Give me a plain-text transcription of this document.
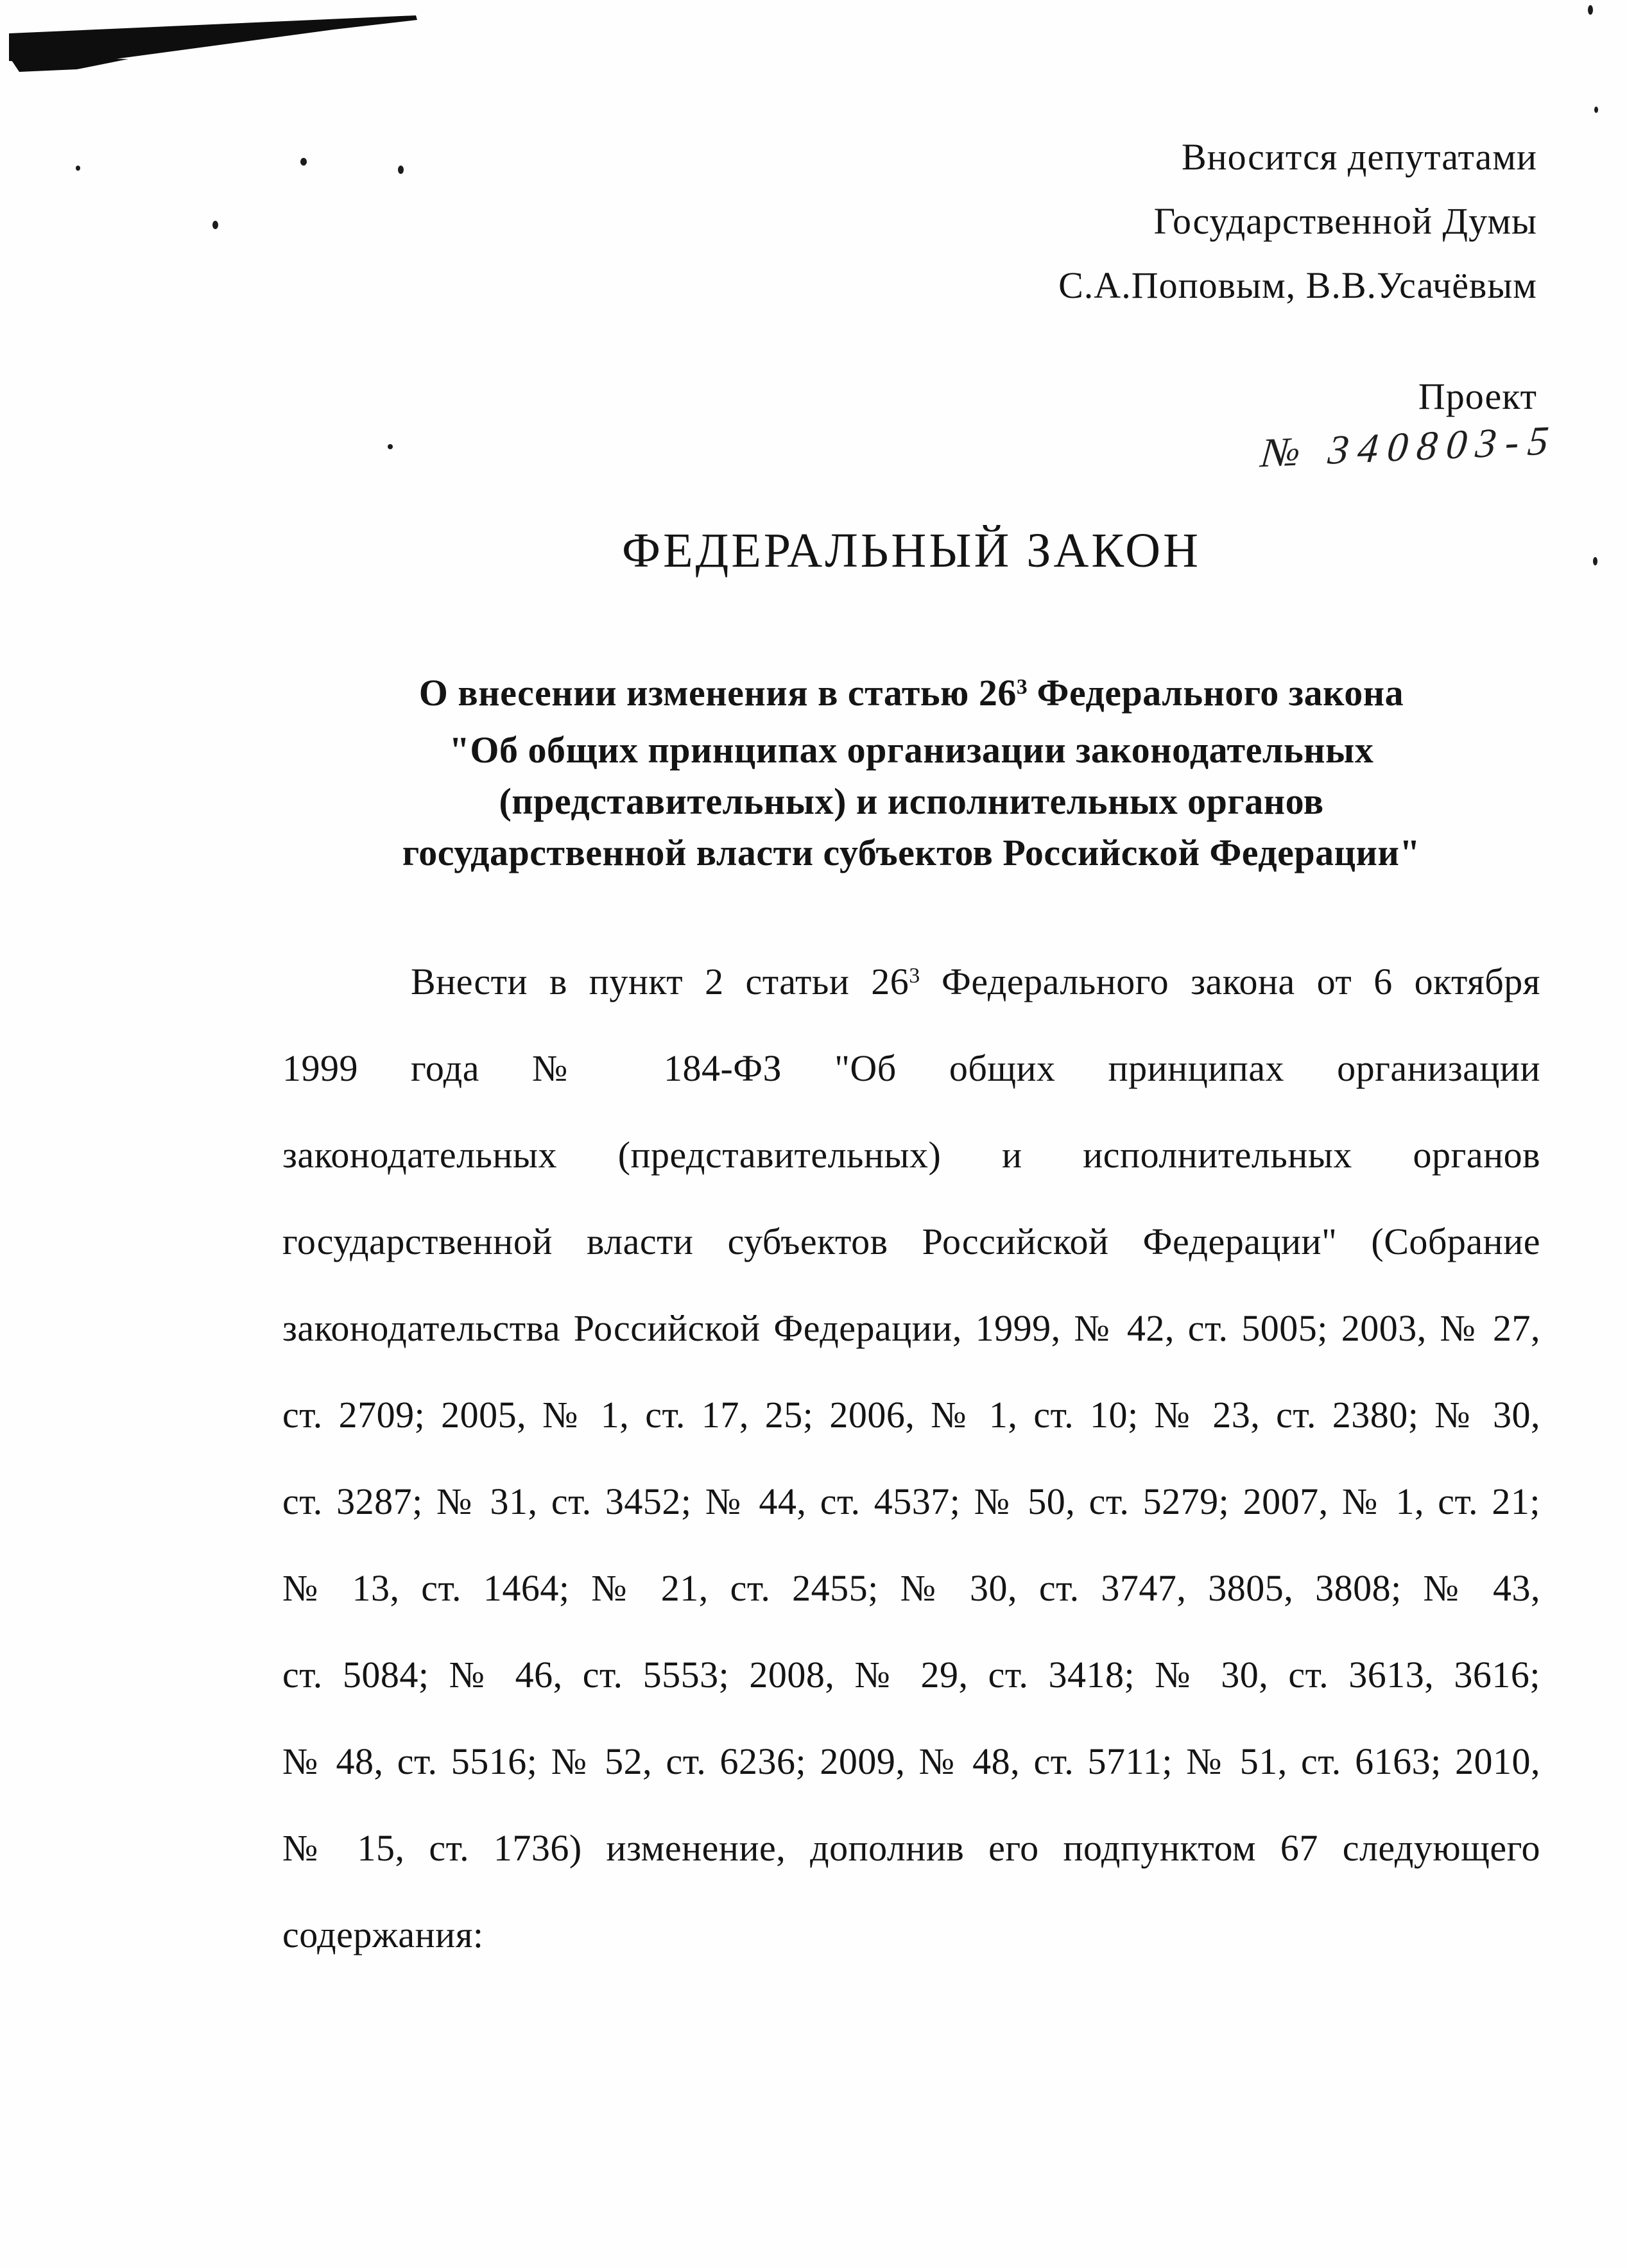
Вносится депутатами
Государственной Думы
С.А.Поповым, В.В.Усачёвым
Проект
№ 340803-5
ФЕДЕРАЛЬНЫЙ ЗАКОН
О внесении изменения в статью $26^3$ Федерального закона
"Об общих принципах организации законодательных
(представительных) и исполнительных органов
государственной власти субъектов Российской Федерации"
Внести в пункт 2 статьи $26^3$ Федерального закона от 6 октября
1999 года № 184-ФЗ "Об общих принципах организации
законодательных (представительных) и исполнительных органов
государственной власти субъектов Российской Федерации" (Собрание
законодательства Российской Федерации, 1999, № 42, ст. 5005; 2003, № 27,
ст. 2709; 2005, № 1, ст. 17, 25; 2006, № 1, ст. 10; № 23, ст. 2380; № 30,
ст. 3287; № 31, ст. 3452; № 44, ст. 4537; № 50, ст. 5279; 2007, № 1, ст. 21;
№ 13, ст. 1464; № 21, ст. 2455; № 30, ст. 3747, 3805, 3808; № 43,
ст. 5084; № 46, ст. 5553; 2008, № 29, ст. 3418; № 30, ст. 3613, 3616;
№ 48, ст. 5516; № 52, ст. 6236; 2009, № 48, ст. 5711; № 51, ст. 6163; 2010,
№ 15, ст. 1736) изменение, дополнив его подпунктом 67 следующего
содержания:
